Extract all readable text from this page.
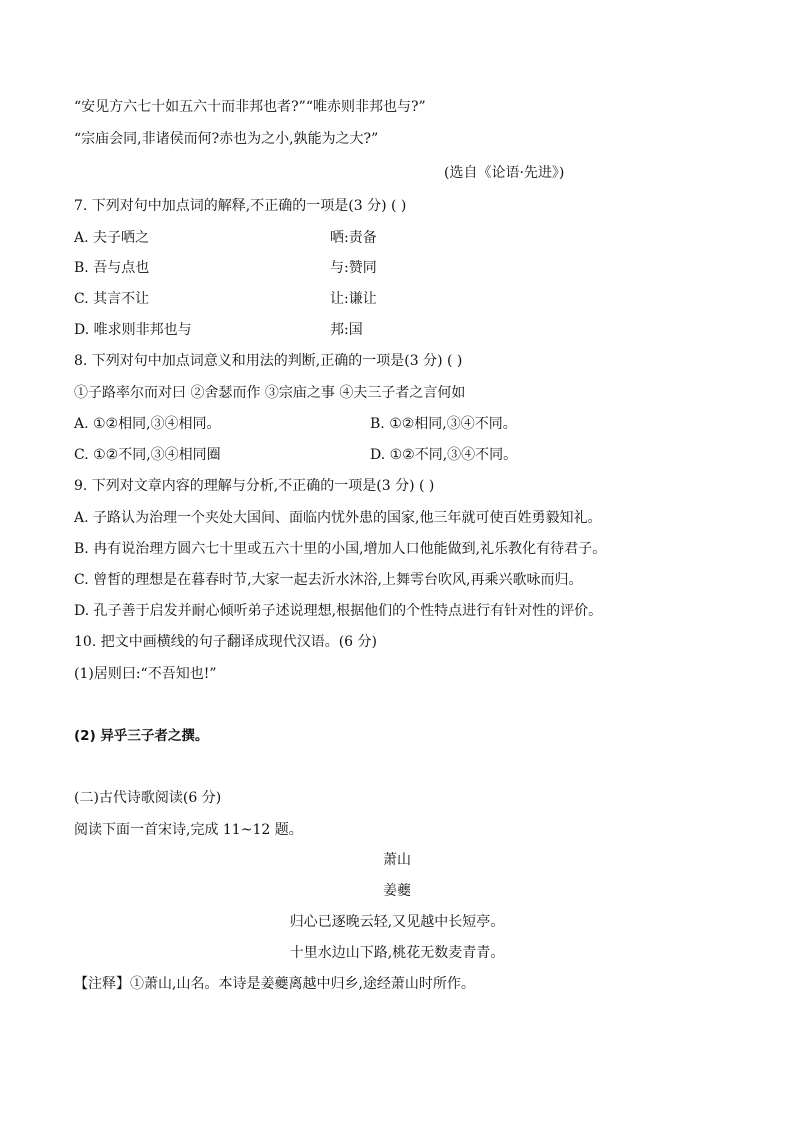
“安见方六七十如五六十而非邦也者?”“唯赤则非邦也与?”
“宗庙会同,非诸侯而何?赤也为之小,孰能为之大?”
(选自《论语·先进》)
7. 下列对句中加点词的解释,不正确的一项是(3 分) ( )
A. 夫子哂之	哂:责备
B. 吾与点也	与:赞同
C. 其言不让	让:谦让
D. 唯求则非邦也与	邦:国
8. 下列对句中加点词意义和用法的判断,正确的一项是(3 分) ( )
①子路率尔而对曰 ②舍瑟而作 ③宗庙之事 ④夫三子者之言何如
A. ①②相同,③④相同。	B. ①②相同,③④不同。
C. ①②不同,③④相同圈	D. ①②不同,③④不同。
9. 下列对文章内容的理解与分析,不正确的一项是(3 分) ( )
A. 子路认为治理一个夹处大国间、面临内忧外患的国家,他三年就可使百姓勇毅知礼。
B. 冉有说治理方圆六七十里或五六十里的小国,增加人口他能做到,礼乐教化有待君子。
C. 曾皙的理想是在暮春时节,大家一起去沂水沐浴,上舞雩台吹风,再乘兴歌咏而归。
D. 孔子善于启发并耐心倾听弟子述说理想,根据他们的个性特点进行有针对性的评价。
10. 把文中画横线的句子翻译成现代汉语。(6 分)
(1)居则曰:“不吾知也!”
(2) 异乎三子者之撰。
(二)古代诗歌阅读(6 分)
阅读下面一首宋诗,完成 11~12 题。
萧山
姜夔
归心已逐晚云轻,又见越中长短亭。
十里水边山下路,桃花无数麦青青。
【注释】①萧山,山名。本诗是姜夔离越中归乡,途经萧山时所作。
